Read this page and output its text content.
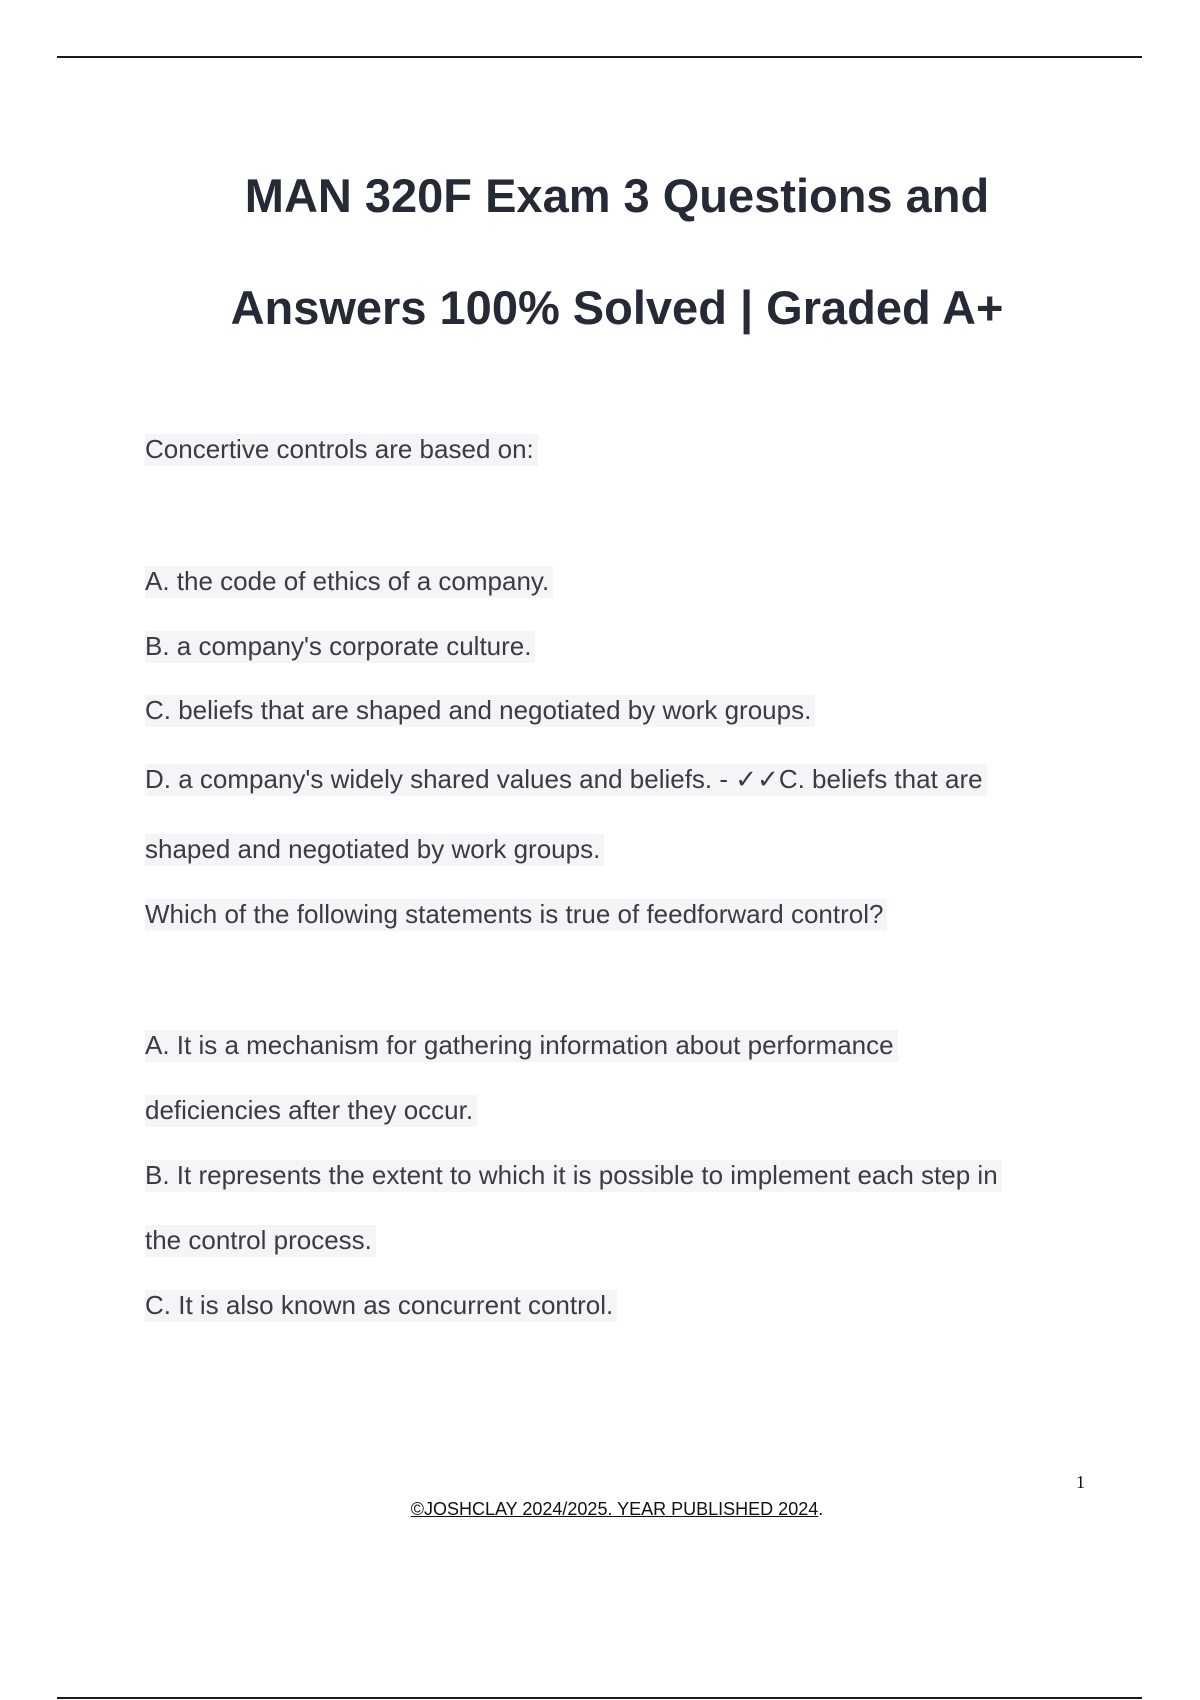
MAN 320F Exam 3 Questions and
Answers 100% Solved | Graded A+
Concertive controls are based on:
A. the code of ethics of a company.
B. a company's corporate culture.
C. beliefs that are shaped and negotiated by work groups.
D. a company's widely shared values and beliefs. - ✓✓C. beliefs that are
shaped and negotiated by work groups.
Which of the following statements is true of feedforward control?
A. It is a mechanism for gathering information about performance
deficiencies after they occur.
B. It represents the extent to which it is possible to implement each step in
the control process.
C. It is also known as concurrent control.
1
©JOSHCLAY 2024/2025. YEAR PUBLISHED 2024.
